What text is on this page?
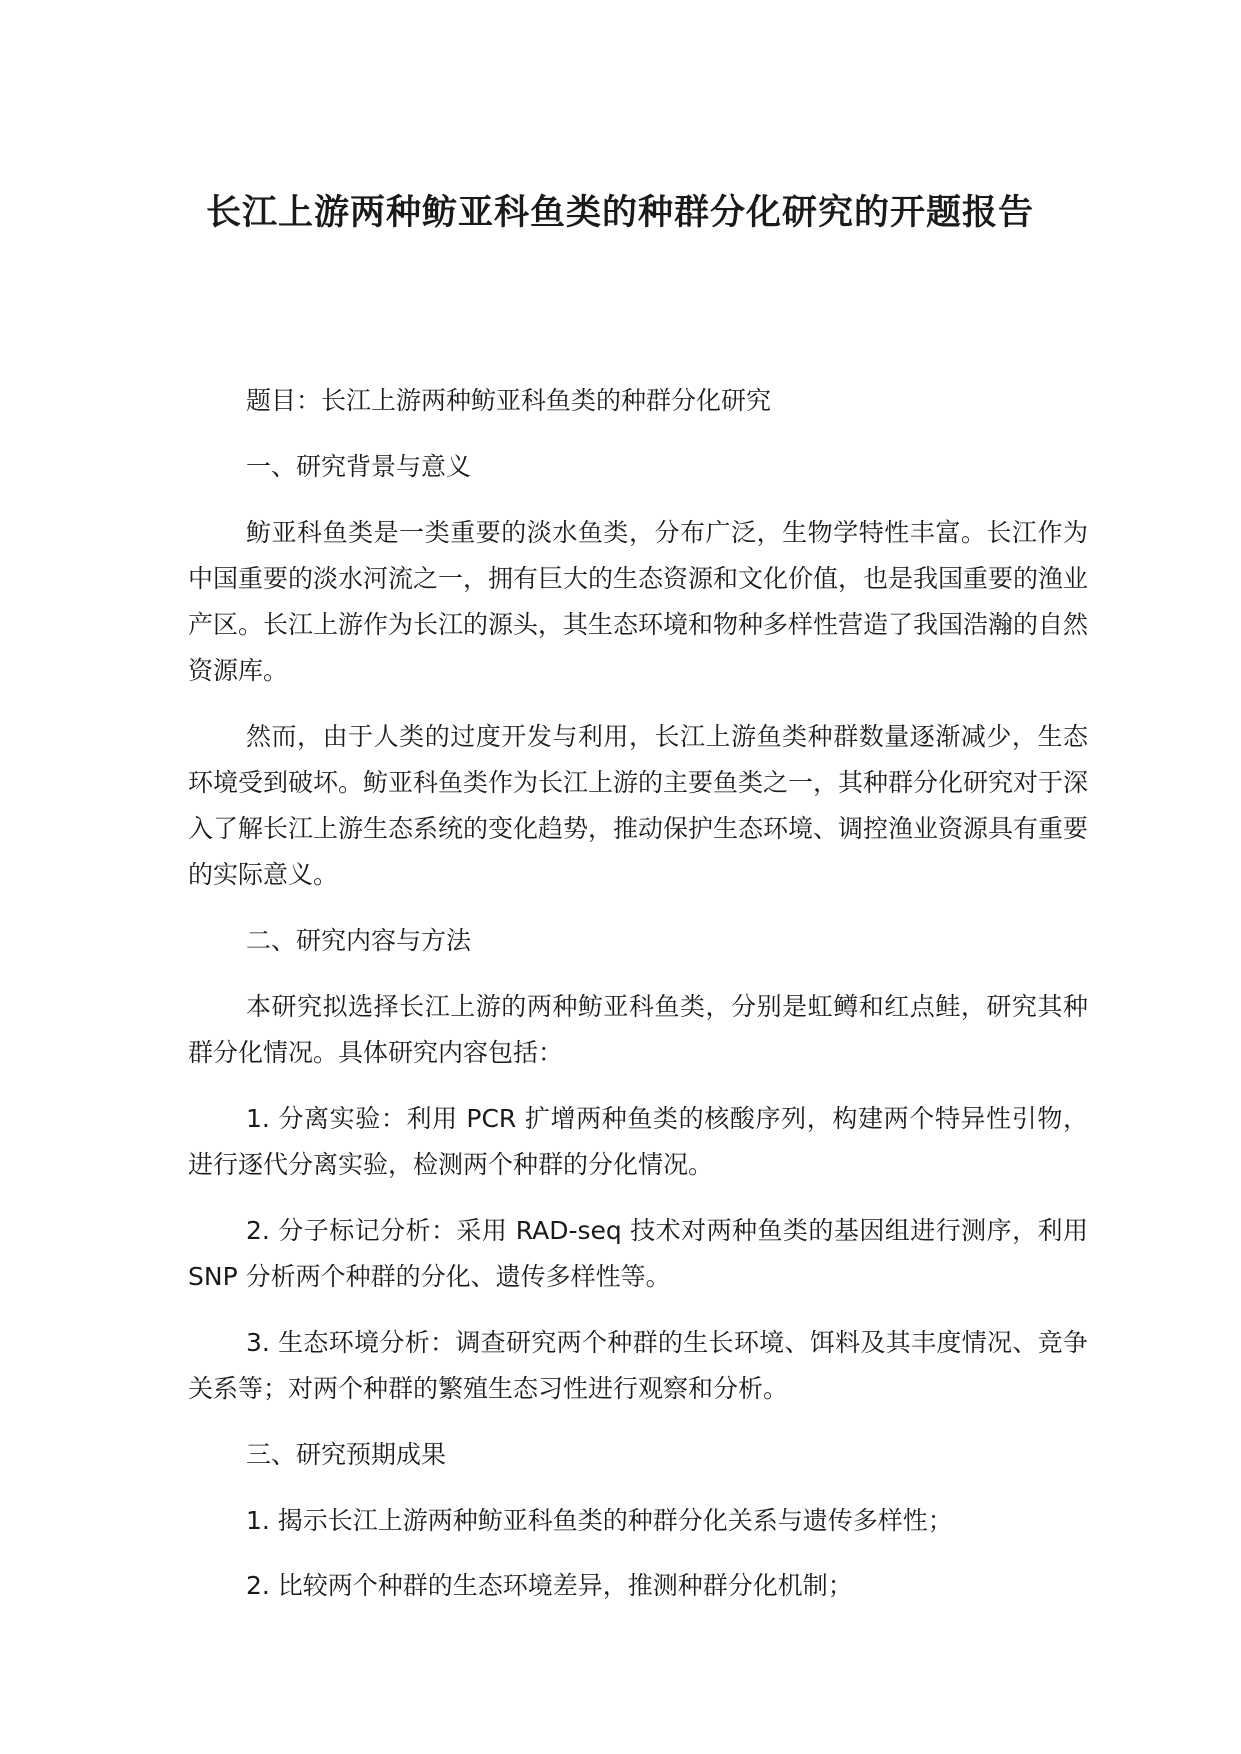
长江上游两种鲂亚科鱼类的种群分化研究的开题报告

题目：长江上游两种鲂亚科鱼类的种群分化研究

一、研究背景与意义

鲂亚科鱼类是一类重要的淡水鱼类，分布广泛，生物学特性丰富。长江作为中国重要的淡水河流之一，拥有巨大的生态资源和文化价值，也是我国重要的渔业产区。长江上游作为长江的源头，其生态环境和物种多样性营造了我国浩瀚的自然资源库。

然而，由于人类的过度开发与利用，长江上游鱼类种群数量逐渐减少，生态环境受到破坏。鲂亚科鱼类作为长江上游的主要鱼类之一，其种群分化研究对于深入了解长江上游生态系统的变化趋势，推动保护生态环境、调控渔业资源具有重要的实际意义。

二、研究内容与方法

本研究拟选择长江上游的两种鲂亚科鱼类，分别是虹鳟和红点鲑，研究其种群分化情况。具体研究内容包括：

1. 分离实验：利用 PCR 扩增两种鱼类的核酸序列，构建两个特异性引物，进行逐代分离实验，检测两个种群的分化情况。

2. 分子标记分析：采用 RAD-seq 技术对两种鱼类的基因组进行测序，利用 SNP 分析两个种群的分化、遗传多样性等。

3. 生态环境分析：调查研究两个种群的生长环境、饵料及其丰度情况、竞争关系等；对两个种群的繁殖生态习性进行观察和分析。

三、研究预期成果

1. 揭示长江上游两种鲂亚科鱼类的种群分化关系与遗传多样性；

2. 比较两个种群的生态环境差异，推测种群分化机制；
